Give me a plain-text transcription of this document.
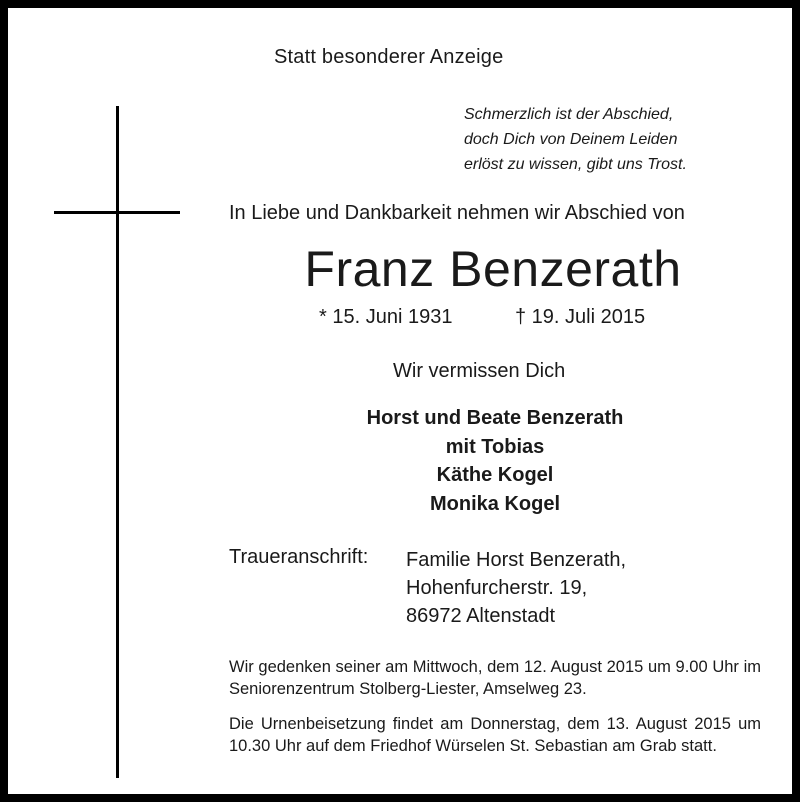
Statt besonderer Anzeige
Schmerzlich ist der Abschied,
doch Dich von Deinem Leiden
erlöst zu wissen, gibt uns Trost.
In Liebe und Dankbarkeit nehmen wir Abschied von
Franz Benzerath
* 15. Juni 1931	† 19. Juli 2015
Wir vermissen Dich
Horst und Beate Benzerath
mit Tobias
Käthe Kogel
Monika Kogel
Traueranschrift: Familie Horst Benzerath,
Hohenfurcherstr. 19,
86972 Altenstadt
Wir gedenken seiner am Mittwoch, dem 12. August 2015 um 9.00 Uhr im Seniorenzentrum Stolberg-Liester, Amselweg 23.
Die Urnenbeisetzung findet am Donnerstag, dem 13. August 2015 um 10.30 Uhr auf dem Friedhof Würselen St. Sebastian am Grab statt.
